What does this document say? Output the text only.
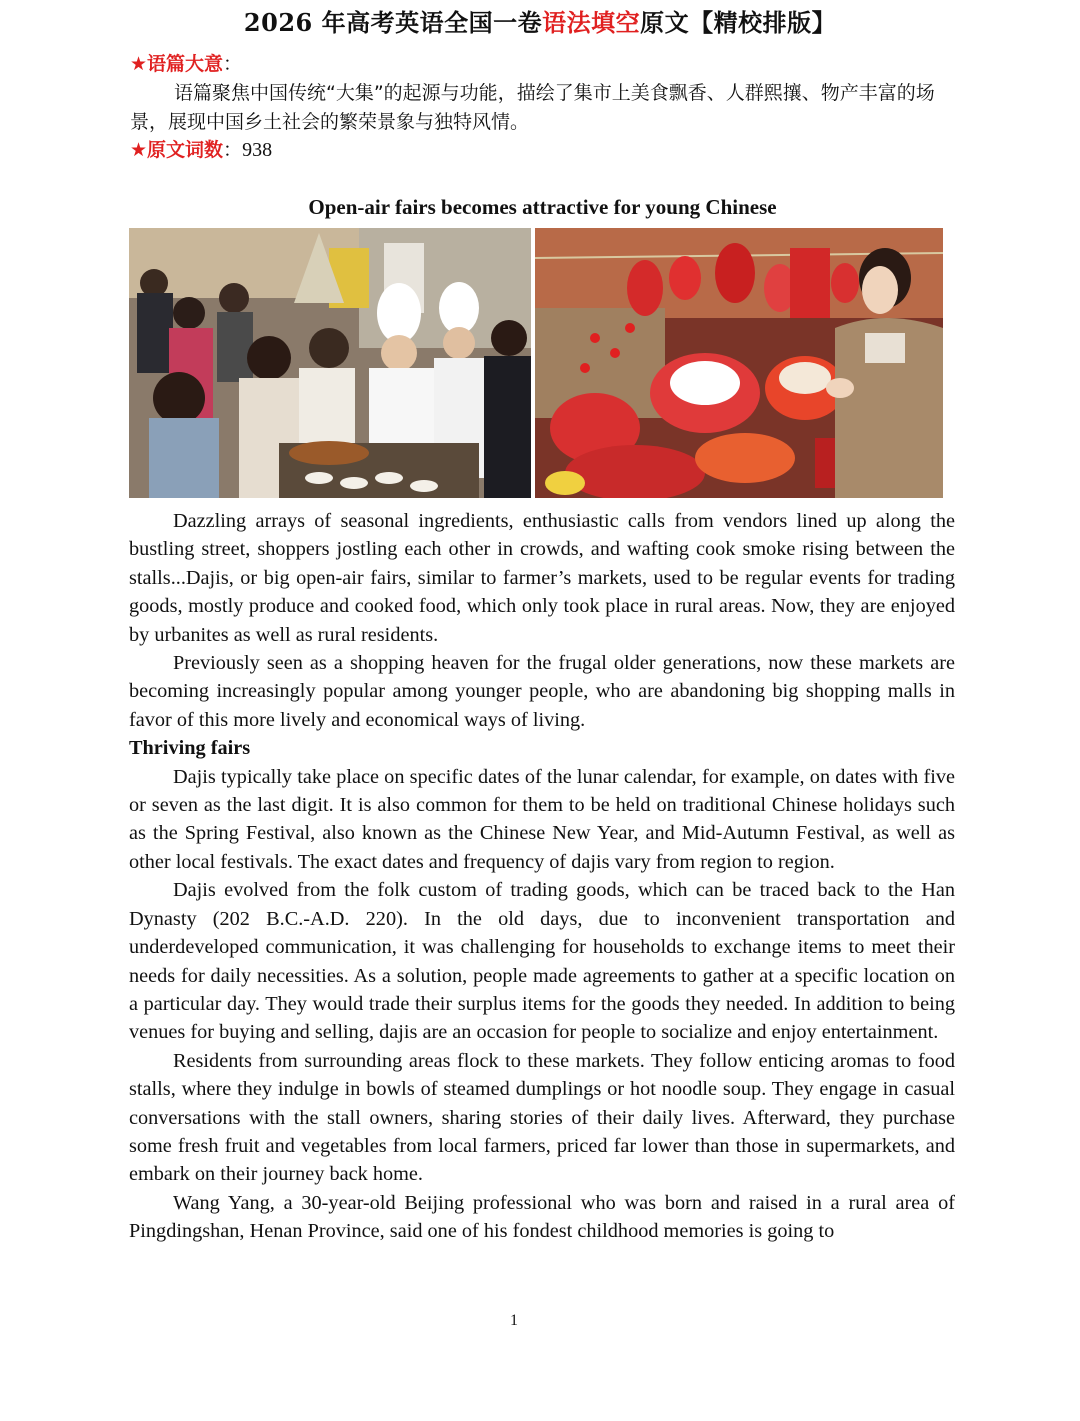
2026 年高考英语全国一卷语法填空原文【精校排版】
★语篇大意：
语篇聚焦中国传统“大集”的起源与功能，描绘了集市上美食飘香、人群熙攘、物产丰富的场景，展现中国乡土社会的繁荣景象与独特风情。
★原文词数：938
Open-air fairs becomes attractive for young Chinese

Dazzling arrays of seasonal ingredients, enthusiastic calls from vendors lined up along the bustling street, shoppers jostling each other in crowds, and wafting cook smoke rising between the stalls...Dajis, or big open-air fairs, similar to farmer’s markets, used to be regular events for trading goods, mostly produce and cooked food, which only took place in rural areas. Now, they are enjoyed by urbanites as well as rural residents.

Previously seen as a shopping heaven for the frugal older generations, now these markets are becoming increasingly popular among younger people, who are abandoning big shopping malls in favor of this more lively and economical ways of living.

Thriving fairs

Dajis typically take place on specific dates of the lunar calendar, for example, on dates with five or seven as the last digit. It is also common for them to be held on traditional Chinese holidays such as the Spring Festival, also known as the Chinese New Year, and Mid-Autumn Festival, as well as other local festivals. The exact dates and frequency of dajis vary from region to region.

Dajis evolved from the folk custom of trading goods, which can be traced back to the Han Dynasty (202 B.C.-A.D. 220). In the old days, due to inconvenient transportation and underdeveloped communication, it was challenging for households to exchange items to meet their needs for daily necessities. As a solution, people made agreements to gather at a specific location on a particular day. They would trade their surplus items for the goods they needed. In addition to being venues for buying and selling, dajis are an occasion for people to socialize and enjoy entertainment.

Residents from surrounding areas flock to these markets. They follow enticing aromas to food stalls, where they indulge in bowls of steamed dumplings or hot noodle soup. They engage in casual conversations with the stall owners, sharing stories of their daily lives. Afterward, they purchase some fresh fruit and vegetables from local farmers, priced far lower than those in supermarkets, and embark on their journey back home.

Wang Yang, a 30-year-old Beijing professional who was born and raised in a rural area of Pingdingshan, Henan Province, said one of his fondest childhood memories is going to

1
